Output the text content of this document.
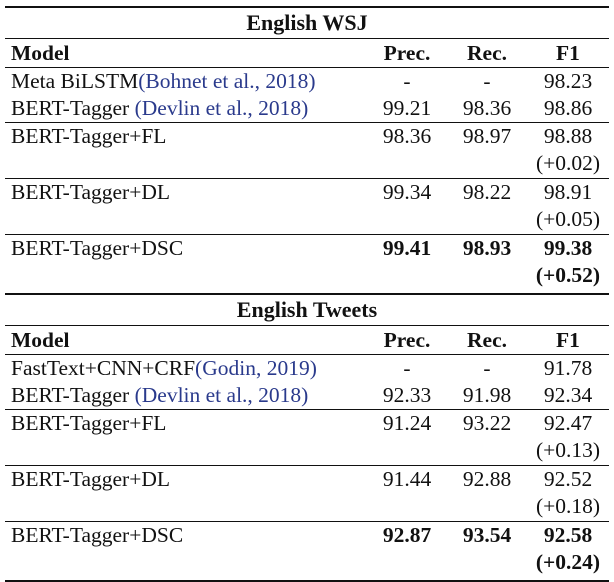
English WSJ
Model	Prec.	Rec.	F1
Meta BiLSTM(Bohnet et al., 2018)	-	-	98.23
BERT-Tagger (Devlin et al., 2018)	99.21	98.36	98.86
BERT-Tagger+FL	98.36	98.97	98.88
(+0.02)
BERT-Tagger+DL	99.34	98.22	98.91
(+0.05)
BERT-Tagger+DSC	99.41	98.93	99.38
(+0.52)
English Tweets
Model	Prec.	Rec.	F1
FastText+CNN+CRF(Godin, 2019)	-	-	91.78
BERT-Tagger (Devlin et al., 2018)	92.33	91.98	92.34
BERT-Tagger+FL	91.24	93.22	92.47
(+0.13)
BERT-Tagger+DL	91.44	92.88	92.52
(+0.18)
BERT-Tagger+DSC	92.87	93.54	92.58
(+0.24)
